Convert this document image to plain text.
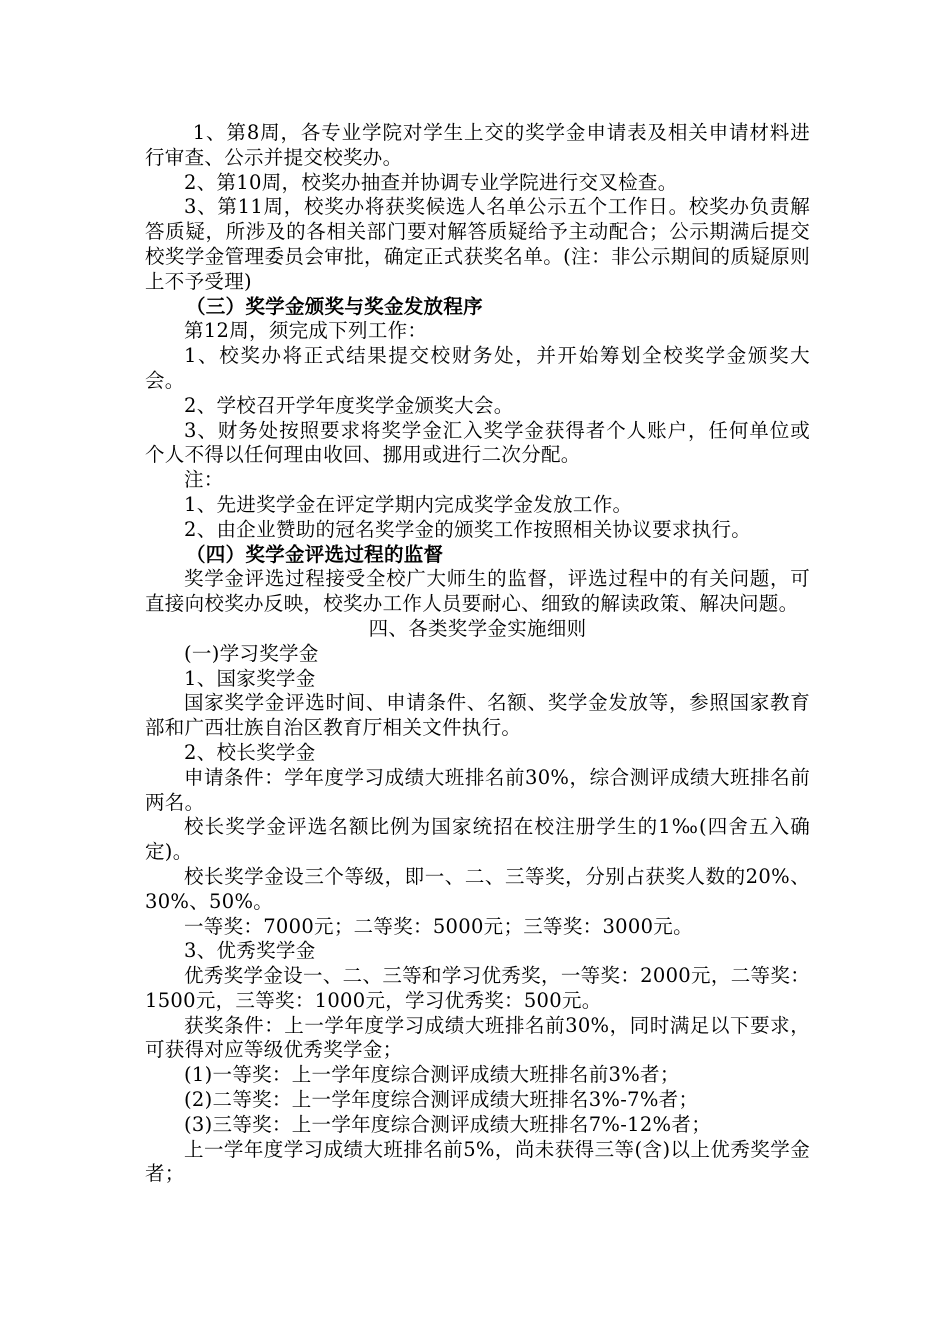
1、第8周，各专业学院对学生上交的奖学金申请表及相关申请材料进行审查、公示并提交校奖办。

2、第10周，校奖办抽查并协调专业学院进行交叉检查。

3、第11周，校奖办将获奖候选人名单公示五个工作日。校奖办负责解答质疑，所涉及的各相关部门要对解答质疑给予主动配合；公示期满后提交校奖学金管理委员会审批，确定正式获奖名单。(注：非公示期间的质疑原则上不予受理)

（三）奖学金颁奖与奖金发放程序

第12周，须完成下列工作：

1、校奖办将正式结果提交校财务处，并开始筹划全校奖学金颁奖大会。

2、学校召开学年度奖学金颁奖大会。

3、财务处按照要求将奖学金汇入奖学金获得者个人账户，任何单位或个人不得以任何理由收回、挪用或进行二次分配。

注：

1、先进奖学金在评定学期内完成奖学金发放工作。

2、由企业赞助的冠名奖学金的颁奖工作按照相关协议要求执行。

（四）奖学金评选过程的监督

奖学金评选过程接受全校广大师生的监督，评选过程中的有关问题，可直接向校奖办反映，校奖办工作人员要耐心、细致的解读政策、解决问题。

四、各类奖学金实施细则

(一)学习奖学金

1、国家奖学金

国家奖学金评选时间、申请条件、名额、奖学金发放等，参照国家教育部和广西壮族自治区教育厅相关文件执行。

2、校长奖学金

申请条件：学年度学习成绩大班排名前30%，综合测评成绩大班排名前两名。

校长奖学金评选名额比例为国家统招在校注册学生的1‰(四舍五入确定)。

校长奖学金设三个等级，即一、二、三等奖，分别占获奖人数的20%、30%、50%。

一等奖：7000元；二等奖：5000元；三等奖：3000元。

3、优秀奖学金

优秀奖学金设一、二、三等和学习优秀奖，一等奖：2000元，二等奖：1500元，三等奖：1000元，学习优秀奖：500元。

获奖条件：上一学年度学习成绩大班排名前30%，同时满足以下要求，可获得对应等级优秀奖学金；

(1)一等奖：上一学年度综合测评成绩大班排名前3%者；

(2)二等奖：上一学年度综合测评成绩大班排名3%-7%者；

(3)三等奖：上一学年度综合测评成绩大班排名7%-12%者；

上一学年度学习成绩大班排名前5%，尚未获得三等(含)以上优秀奖学金者；
